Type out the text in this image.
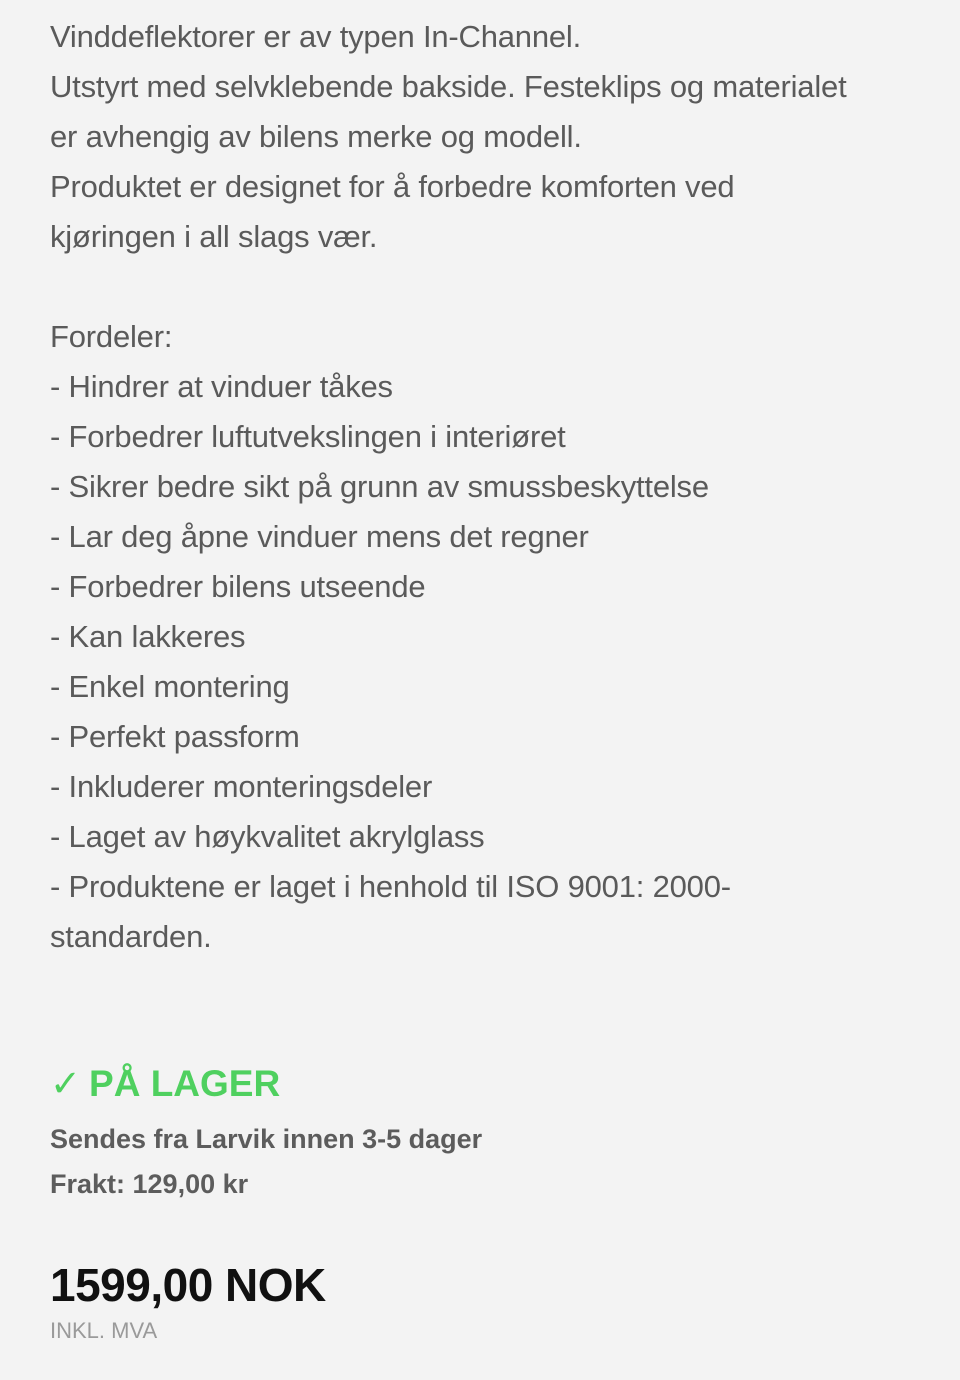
Vinddeflektorer er av typen In-Channel.
Utstyrt med selvklebende bakside. Festeklips og materialet
er avhengig av bilens merke og modell.
Produktet er designet for å forbedre komforten ved
kjøringen i all slags vær.
Fordeler:
- Hindrer at vinduer tåkes
- Forbedrer luftutvekslingen i interiøret
- Sikrer bedre sikt på grunn av smussbeskyttelse
- Lar deg åpne vinduer mens det regner
- Forbedrer bilens utseende
- Kan lakkeres
- Enkel montering
- Perfekt passform
- Inkluderer monteringsdeler
- Laget av høykvalitet akrylglass
- Produktene er laget i henhold til ISO 9001: 2000-
standarden.
✓ PÅ LAGER
Sendes fra Larvik innen 3-5 dager
Frakt: 129,00 kr
1599,00 NOK
INKL. MVA
